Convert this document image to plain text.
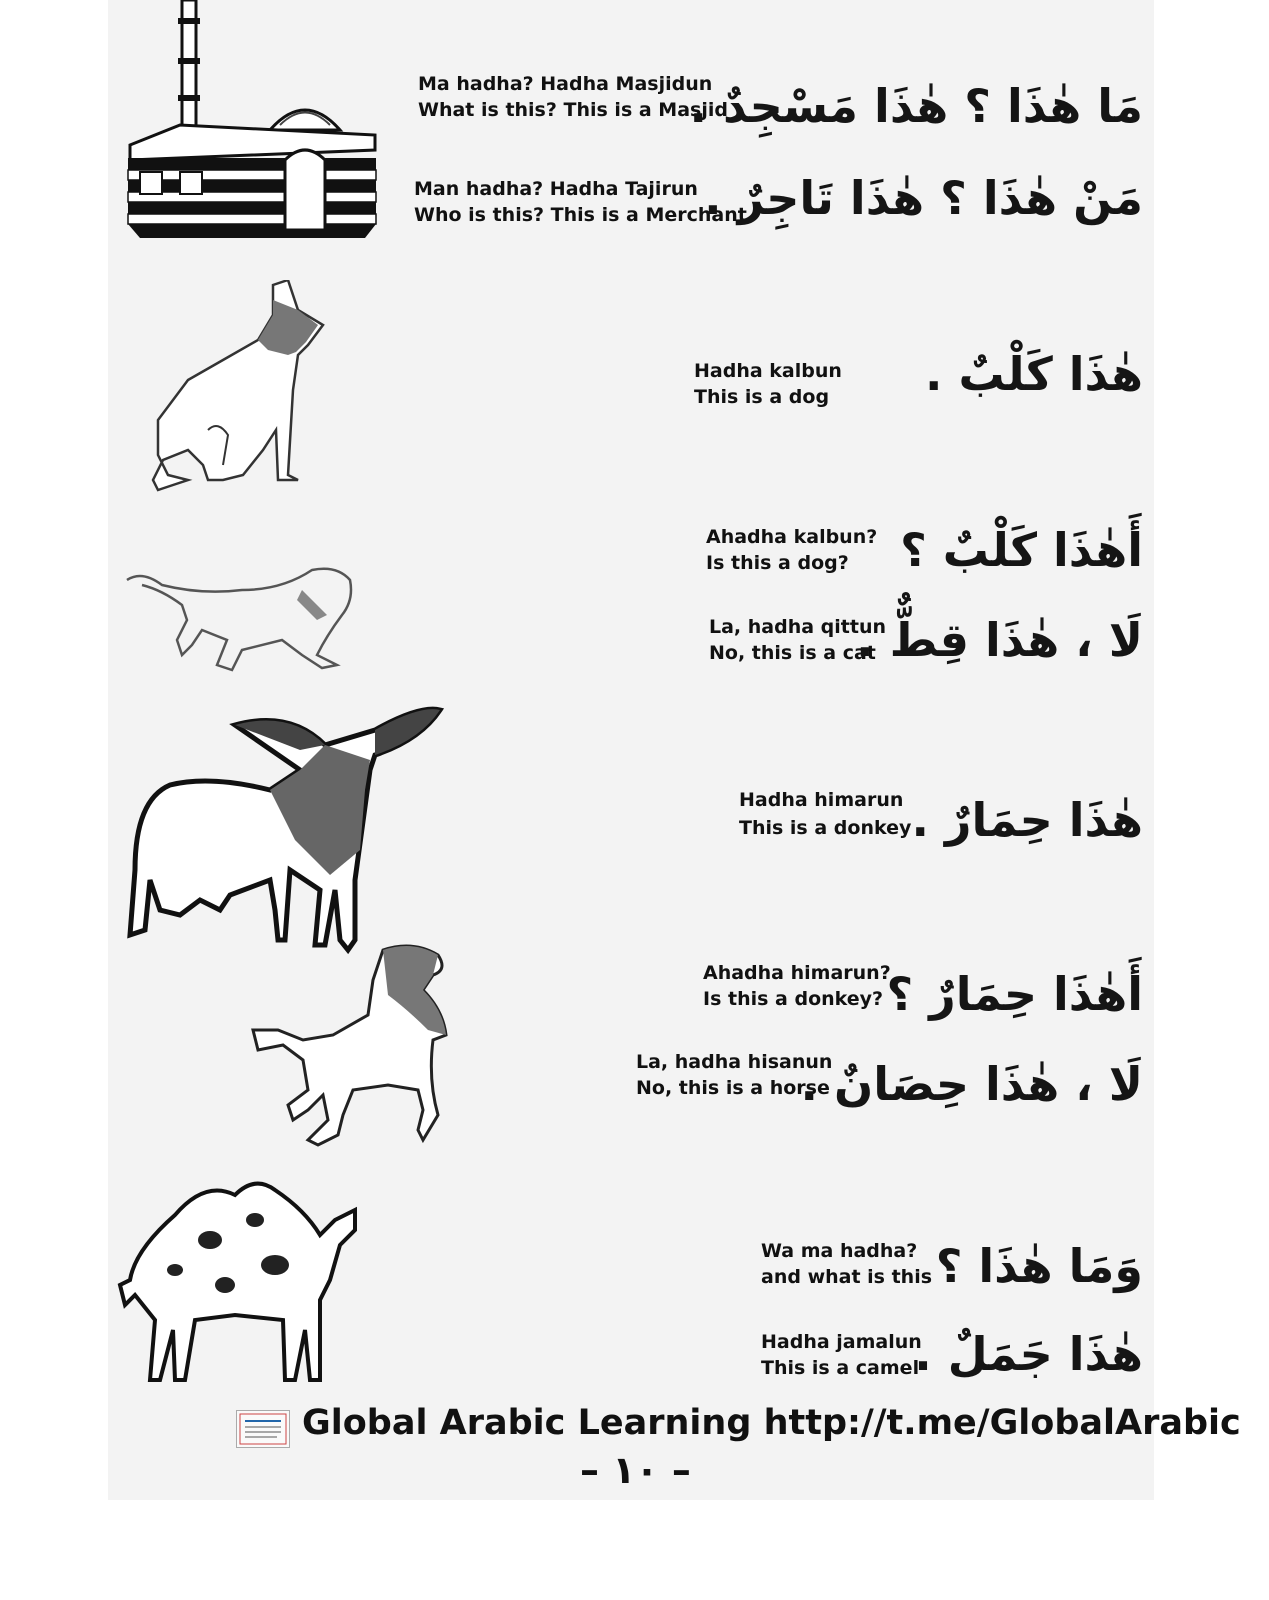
Ma hadha? Hadha Masjidun
What is this? This is a Masjid
مَا هٰذَا ؟ هٰذَا مَسْجِدٌ .
Man hadha? Hadha Tajirun
Who is this? This is a Merchant
مَنْ هٰذَا ؟ هٰذَا تَاجِرٌ .
Hadha kalbun
This is a dog هٰذَا كَلْبٌ .
Ahadha kalbun?
Is this a dog?	أَهٰذَا كَلْبٌ ؟
La, hadha qittun
No, this is a cat
لَا ، هٰذَا قِطٌّ .
Hadha himarun
This is a donkey هٰذَا حِمَارٌ .
Ahadha himarun?
Is this a donkey? أَهٰذَا حِمَارٌ ؟
La, hadha hisanun
No, this is a horse
لَا ، هٰذَا حِصَانٌ .
Wa ma hadha?
and what is this وَمَا هٰذَا ؟
Hadha jamalun
This is a camel
هٰذَا جَمَلٌ .
Global Arabic Learning http://t.me/GlobalArabic
– ١٠ –
